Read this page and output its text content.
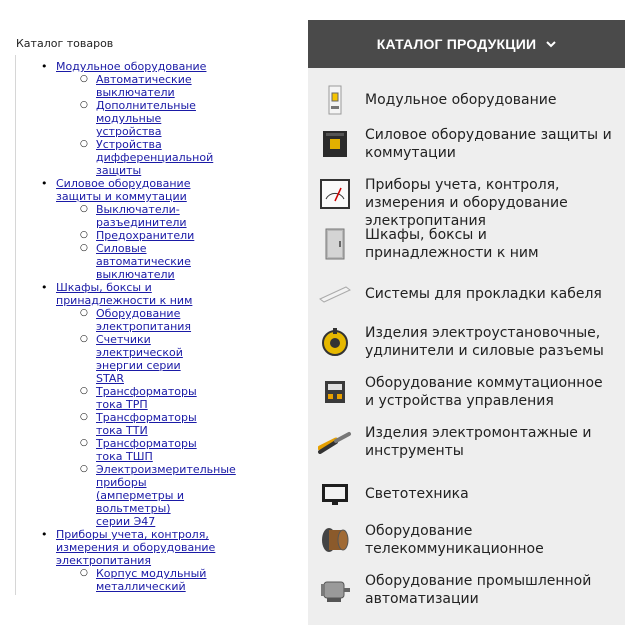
Каталог товаров
• Модульное оборудование
○ Автоматические выключатели
○ Дополнительные модульные устройства
○ Устройства дифференциальной защиты
• Силовое оборудование защиты и коммутации
○ Выключатели-разъединители
○ Предохранители
○ Силовые автоматические выключатели
• Шкафы, боксы и принадлежности к ним
○ Оборудование электропитания
○ Счетчики электрической энергии серии STAR
○ Трансформаторы тока ТРП
○ Трансформаторы тока ТТИ
○ Трансформаторы тока ТШП
○ Электроизмерительные приборы (амперметры и вольтметры) серии Э47
• Приборы учета, контроля, измерения и оборудование электропитания
○ Корпус модульный металлический
КАТАЛОГ ПРОДУКЦИИ
Модульное оборудование
Силовое оборудование защиты и коммутации
Приборы учета, контроля, измерения и оборудование электропитания
Шкафы, боксы и принадлежности к ним
Системы для прокладки кабеля
Изделия электроустановочные, удлинители и силовые разъемы
Оборудование коммутационное и устройства управления
Изделия электромонтажные и инструменты
Светотехника
Оборудование телекоммуникационное
Оборудование промышленной автоматизации
